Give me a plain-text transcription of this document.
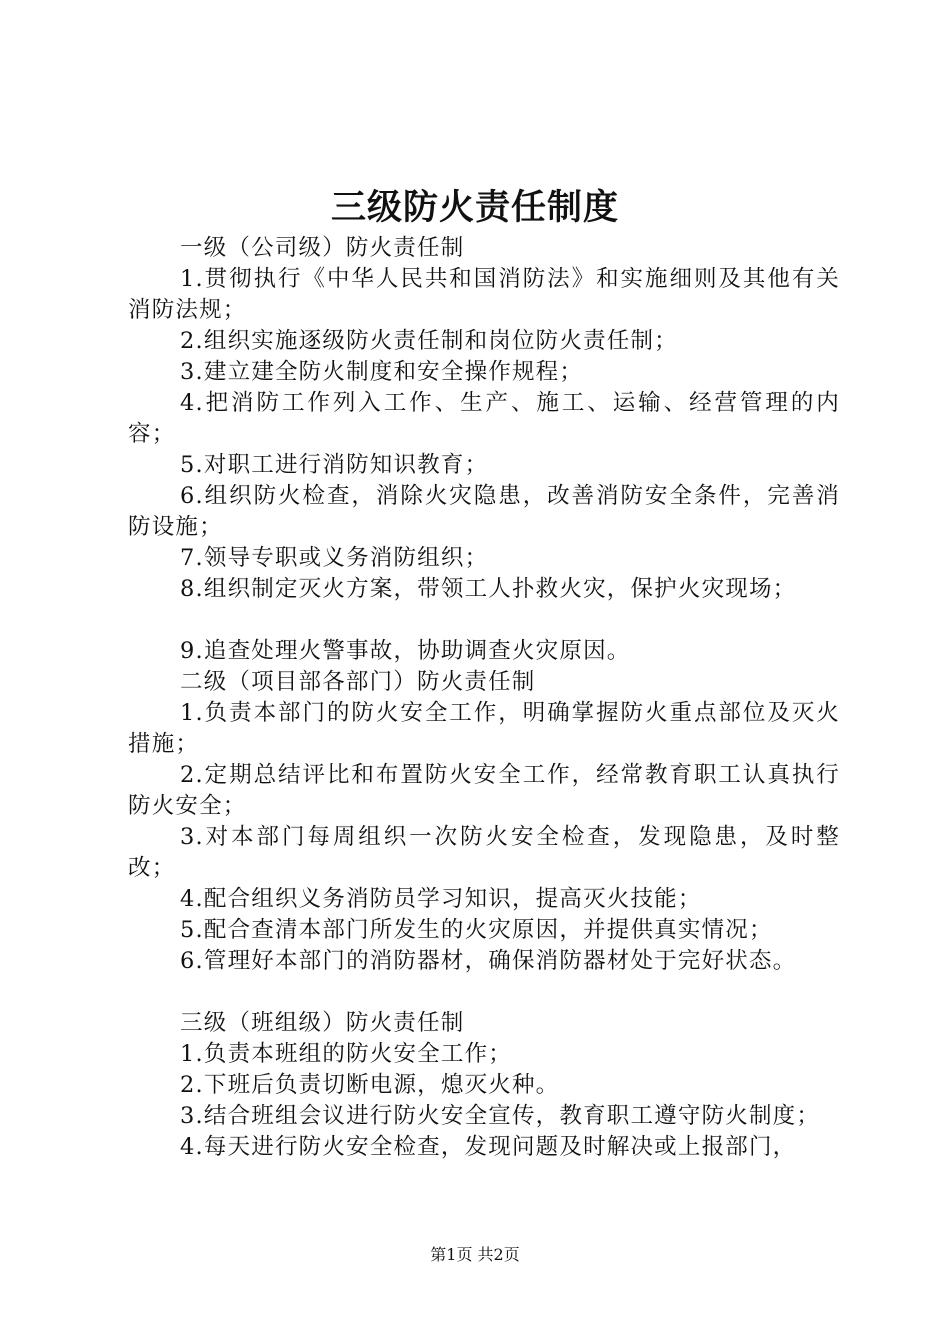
三级防火责任制度

一级（公司级）防火责任制

1.贯彻执行《中华人民共和国消防法》和实施细则及其他有关消防法规；

2.组织实施逐级防火责任制和岗位防火责任制；

3.建立建全防火制度和安全操作规程；

4.把消防工作列入工作、生产、施工、运输、经营管理的内容；

5.对职工进行消防知识教育；

6.组织防火检查，消除火灾隐患，改善消防安全条件，完善消防设施；

7.领导专职或义务消防组织；

8.组织制定灭火方案，带领工人扑救火灾，保护火灾现场；

9.追查处理火警事故，协助调查火灾原因。

二级（项目部各部门）防火责任制

1.负责本部门的防火安全工作，明确掌握防火重点部位及灭火措施；

2.定期总结评比和布置防火安全工作，经常教育职工认真执行防火安全；

3.对本部门每周组织一次防火安全检查，发现隐患，及时整改；

4.配合组织义务消防员学习知识，提高灭火技能；

5.配合查清本部门所发生的火灾原因，并提供真实情况；

6.管理好本部门的消防器材，确保消防器材处于完好状态。

三级（班组级）防火责任制

1.负责本班组的防火安全工作；

2.下班后负责切断电源，熄灭火种。

3.结合班组会议进行防火安全宣传，教育职工遵守防火制度；

4.每天进行防火安全检查，发现问题及时解决或上报部门，

第1页 共2页
